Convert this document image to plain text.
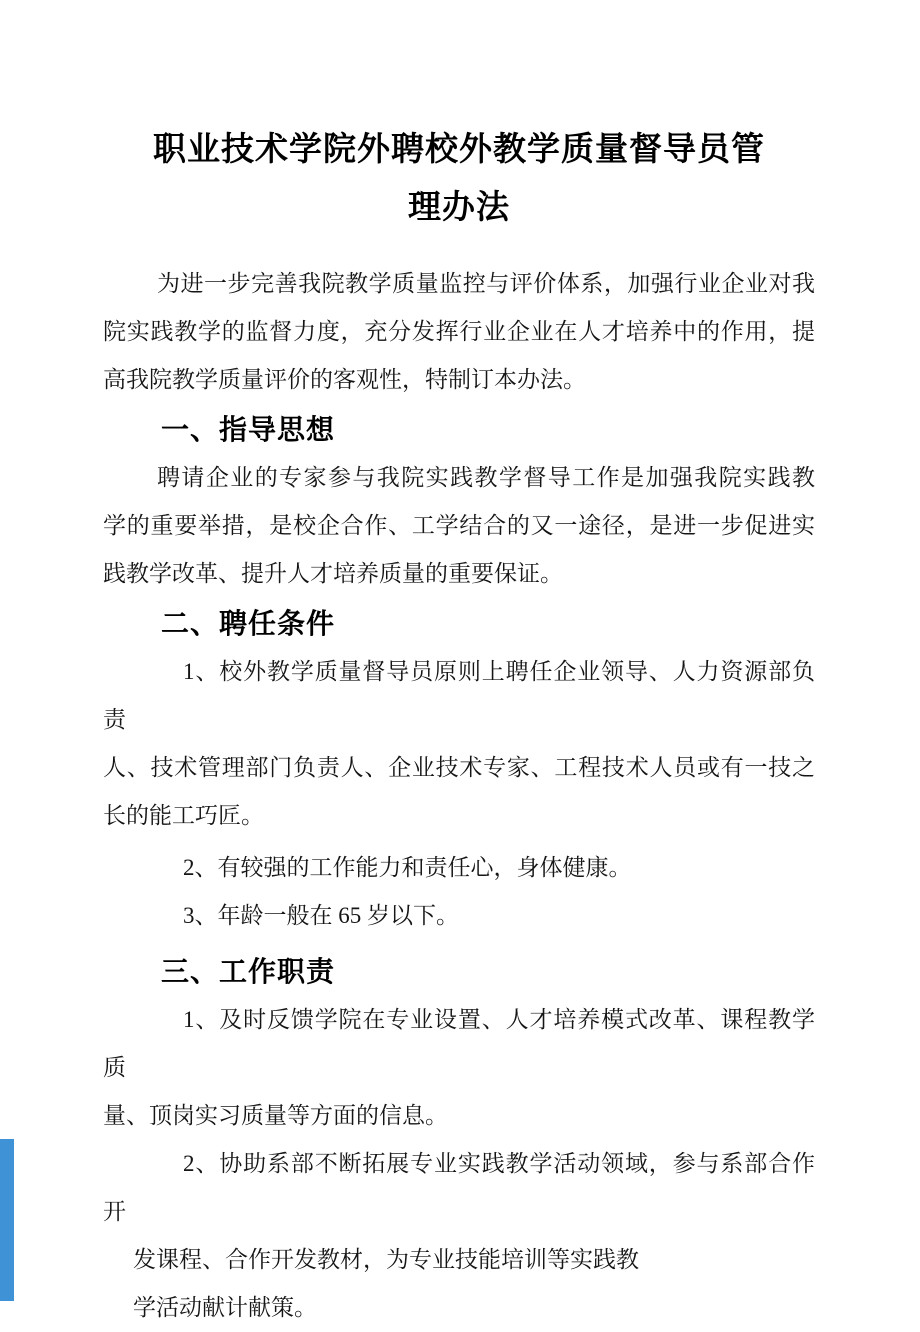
职业技术学院外聘校外教学质量督导员管
理办法
为进一步完善我院教学质量监控与评价体系，加强行业企业对我
院实践教学的监督力度，充分发挥行业企业在人才培养中的作用，提
高我院教学质量评价的客观性，特制订本办法。
一、指导思想
聘请企业的专家参与我院实践教学督导工作是加强我院实践教
学的重要举措，是校企合作、工学结合的又一途径，是进一步促进实
践教学改革、提升人才培养质量的重要保证。
二、聘任条件
1、校外教学质量督导员原则上聘任企业领导、人力资源部负责
人、技术管理部门负责人、企业技术专家、工程技术人员或有一技之
长的能工巧匠。
2、有较强的工作能力和责任心，身体健康。
3、年龄一般在 65 岁以下。
三、工作职责
1、及时反馈学院在专业设置、人才培养模式改革、课程教学质
量、顶岗实习质量等方面的信息。
2、协助系部不断拓展专业实践教学活动领域，参与系部合作开
发课程、合作开发教材，为专业技能培训等实践教
学活动献计献策。
